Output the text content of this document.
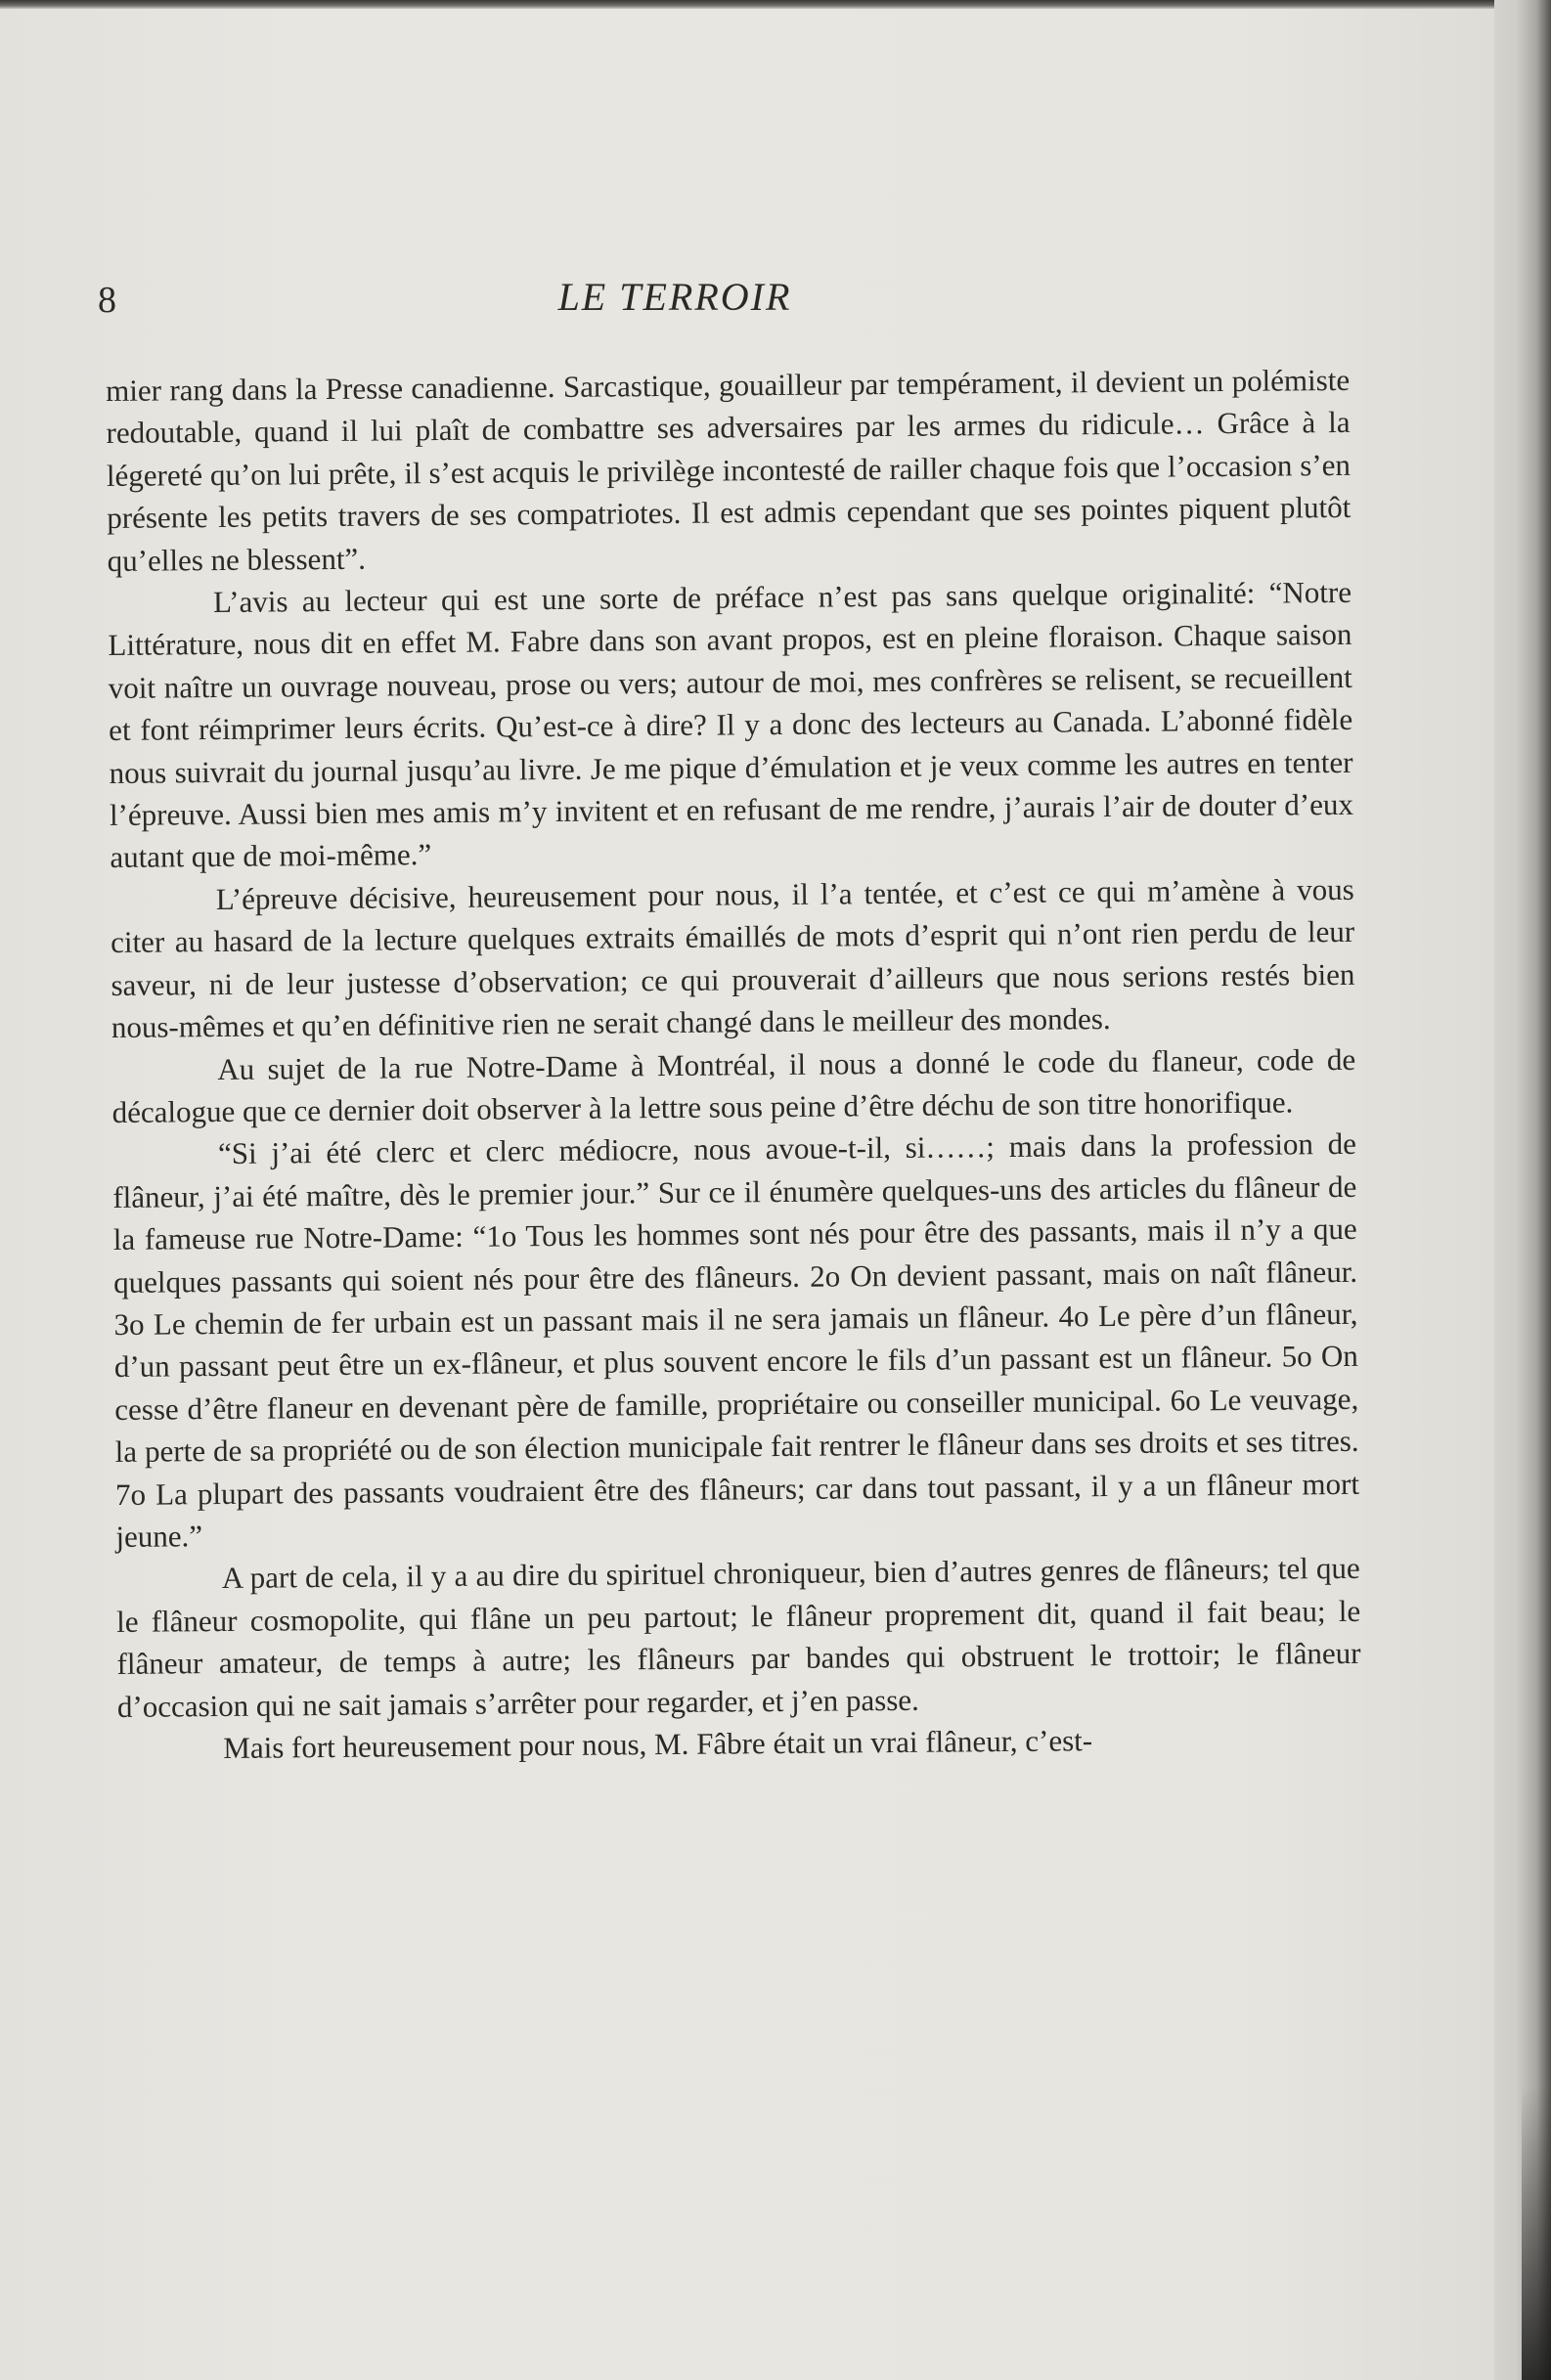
8	LE TERROIR

mier rang dans la Presse canadienne. Sarcastique, gouailleur par tempérament, il devient un polémiste redoutable, quand il lui plaît de combattre ses adversaires par les armes du ridicule… Grâce à la légereté qu’on lui prête, il s’est acquis le privilège incontesté de railler chaque fois que l’occasion s’en présente les petits travers de ses compatriotes. Il est admis cependant que ses pointes piquent plutôt qu’elles ne blessent”.

L’avis au lecteur qui est une sorte de préface n’est pas sans quelque originalité: “Notre Littérature, nous dit en effet M. Fabre dans son avant propos, est en pleine floraison. Chaque saison voit naître un ouvrage nouveau, prose ou vers; autour de moi, mes confrères se relisent, se recueillent et font réimprimer leurs écrits. Qu’est-ce à dire? Il y a donc des lecteurs au Canada. L’abonné fidèle nous suivrait du journal jusqu’au livre. Je me pique d’émulation et je veux comme les autres en tenter l’épreuve. Aussi bien mes amis m’y invitent et en refusant de me rendre, j’aurais l’air de douter d’eux autant que de moi-même.”

L’épreuve décisive, heureusement pour nous, il l’a tentée, et c’est ce qui m’amène à vous citer au hasard de la lecture quelques extraits émaillés de mots d’esprit qui n’ont rien perdu de leur saveur, ni de leur justesse d’observation; ce qui prouverait d’ailleurs que nous serions restés bien nous-mêmes et qu’en définitive rien ne serait changé dans le meilleur des mondes.

Au sujet de la rue Notre-Dame à Montréal, il nous a donné le code du flaneur, code de décalogue que ce dernier doit observer à la lettre sous peine d’être déchu de son titre honorifique.

“Si j’ai été clerc et clerc médiocre, nous avoue-t-il, si……; mais dans la profession de flâneur, j’ai été maître, dès le premier jour.” Sur ce il énumère quelques-uns des articles du flâneur de la fameuse rue Notre-Dame: “1o Tous les hommes sont nés pour être des passants, mais il n’y a que quelques passants qui soient nés pour être des flâneurs. 2o On devient passant, mais on naît flâneur. 3o Le chemin de fer urbain est un passant mais il ne sera jamais un flâneur. 4o Le père d’un flâneur, d’un passant peut être un ex-flâneur, et plus souvent encore le fils d’un passant est un flâneur. 5o On cesse d’être flaneur en devenant père de famille, propriétaire ou conseiller municipal. 6o Le veuvage, la perte de sa propriété ou de son élection municipale fait rentrer le flâneur dans ses droits et ses titres. 7o La plupart des passants voudraient être des flâneurs; car dans tout passant, il y a un flâneur mort jeune.”

A part de cela, il y a au dire du spirituel chroniqueur, bien d’autres genres de flâneurs; tel que le flâneur cosmopolite, qui flâne un peu partout; le flâneur proprement dit, quand il fait beau; le flâneur amateur, de temps à autre; les flâneurs par bandes qui obstruent le trottoir; le flâneur d’occasion qui ne sait jamais s’arrêter pour regarder, et j’en passe.

Mais fort heureusement pour nous, M. Fâbre était un vrai flâneur, c’est-
